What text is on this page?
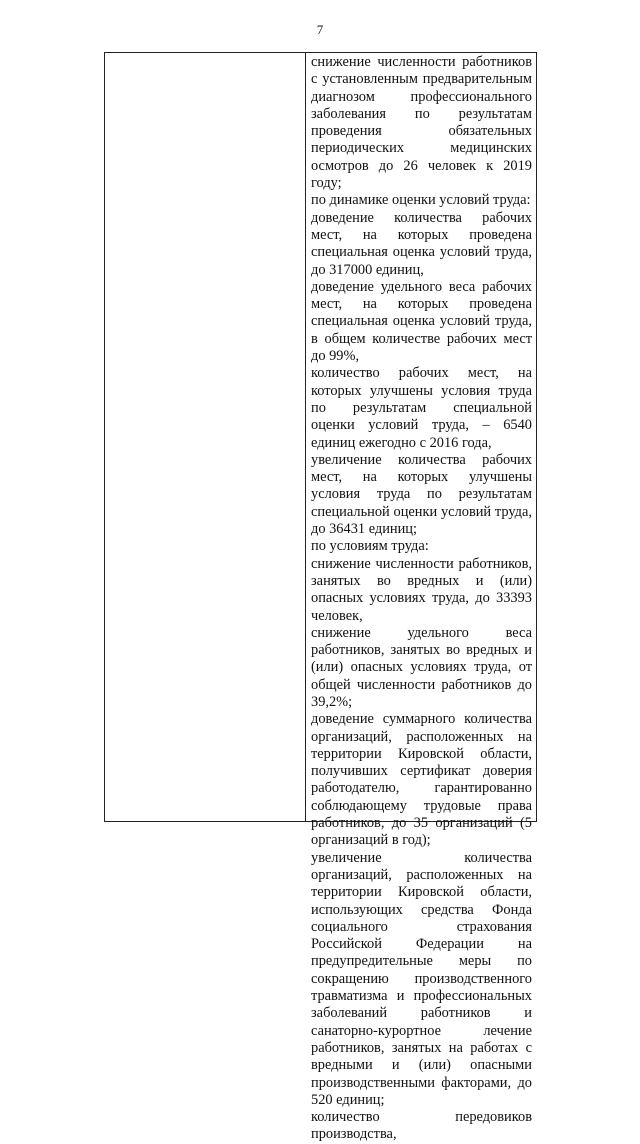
7

снижение численности работников с установленным предварительным диагнозом профессионального заболевания по результатам проведения обязательных периодических медицинских осмотров до 26 человек к 2019 году;

по динамике оценки условий труда:

доведение количества рабочих мест, на которых проведена специальная оценка условий труда, до 317000 единиц,

доведение удельного веса рабочих мест, на которых проведена специальная оценка условий труда, в общем количестве рабочих мест до 99%,

количество рабочих мест, на которых улучшены условия труда по результатам специальной оценки условий труда, – 6540 единиц ежегодно с 2016 года,

увеличение количества рабочих мест, на которых улучшены условия труда по результатам специальной оценки условий труда, до 36431 единиц;

по условиям труда:

снижение численности работников, занятых во вредных и (или) опасных условиях труда, до 33393 человек,

снижение удельного веса работников, занятых во вредных и (или) опасных условиях труда, от общей численности работников до 39,2%;

доведение суммарного количества организаций, расположенных на территории Кировской области, получивших сертификат доверия работодателю, гарантированно соблюдающему трудовые права работников, до 35 организаций (5 организаций в год);

увеличение количества организаций, расположенных на территории Кировской области, использующих средства Фонда социального страхования Российской Федерации на предупредительные меры по сокращению производственного травматизма и профессиональных заболеваний работников и санаторно-курортное лечение работников, занятых на работах с вредными и (или) опасными производственными факторами, до 520 единиц;

количество передовиков производства,
